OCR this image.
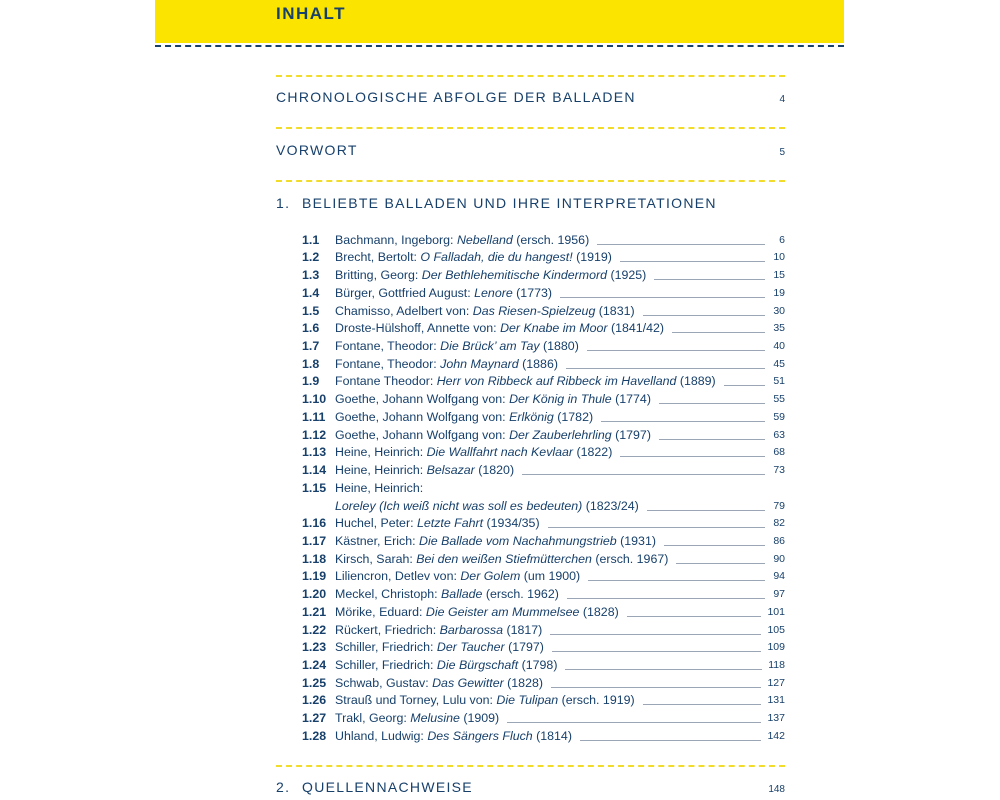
INHALT
CHRONOLOGISCHE ABFOLGE DER BALLADEN	4
VORWORT	5
1. BELIEBTE BALLADEN UND IHRE INTERPRETATIONEN
1.1	Bachmann, Ingeborg: Nebelland (ersch. 1956)	6
1.2	Brecht, Bertolt: O Falladah, die du hangest! (1919)	10
1.3	Britting, Georg: Der Bethlehemitische Kindermord (1925)	15
1.4	Bürger, Gottfried August: Lenore (1773)	19
1.5	Chamisso, Adelbert von: Das Riesen-Spielzeug (1831)	30
1.6	Droste-Hülshoff, Annette von: Der Knabe im Moor (1841/42)	35
1.7	Fontane, Theodor: Die Brück’ am Tay (1880)	40
1.8	Fontane, Theodor: John Maynard (1886)	45
1.9	Fontane Theodor: Herr von Ribbeck auf Ribbeck im Havelland (1889)	51
1.10 Goethe, Johann Wolfgang von: Der König in Thule (1774)	55
1.11 Goethe, Johann Wolfgang von: Erlkönig (1782)	59
1.12 Goethe, Johann Wolfgang von: Der Zauberlehrling (1797)	63
1.13 Heine, Heinrich: Die Wallfahrt nach Kevlaar (1822)	68
1.14 Heine, Heinrich: Belsazar (1820)	73
1.15 Heine, Heinrich:
Loreley (Ich weiß nicht was soll es bedeuten) (1823/24)	79
1.16 Huchel, Peter: Letzte Fahrt (1934/35)	82
1.17 Kästner, Erich: Die Ballade vom Nachahmungstrieb (1931)	86
1.18 Kirsch, Sarah: Bei den weißen Stiefmütterchen (ersch. 1967)	90
1.19 Liliencron, Detlev von: Der Golem (um 1900)	94
1.20 Meckel, Christoph: Ballade (ersch. 1962)	97
1.21 Mörike, Eduard: Die Geister am Mummelsee (1828)	101
1.22 Rückert, Friedrich: Barbarossa (1817)	105
1.23 Schiller, Friedrich: Der Taucher (1797)	109
1.24 Schiller, Friedrich: Die Bürgschaft (1798)	118
1.25 Schwab, Gustav: Das Gewitter (1828)	127
1.26 Strauß und Torney, Lulu von: Die Tulipan (ersch. 1919)	131
1.27 Trakl, Georg: Melusine (1909)	137
1.28 Uhland, Ludwig: Des Sängers Fluch (1814)	142
2. QUELLENNACHWEISE	148
